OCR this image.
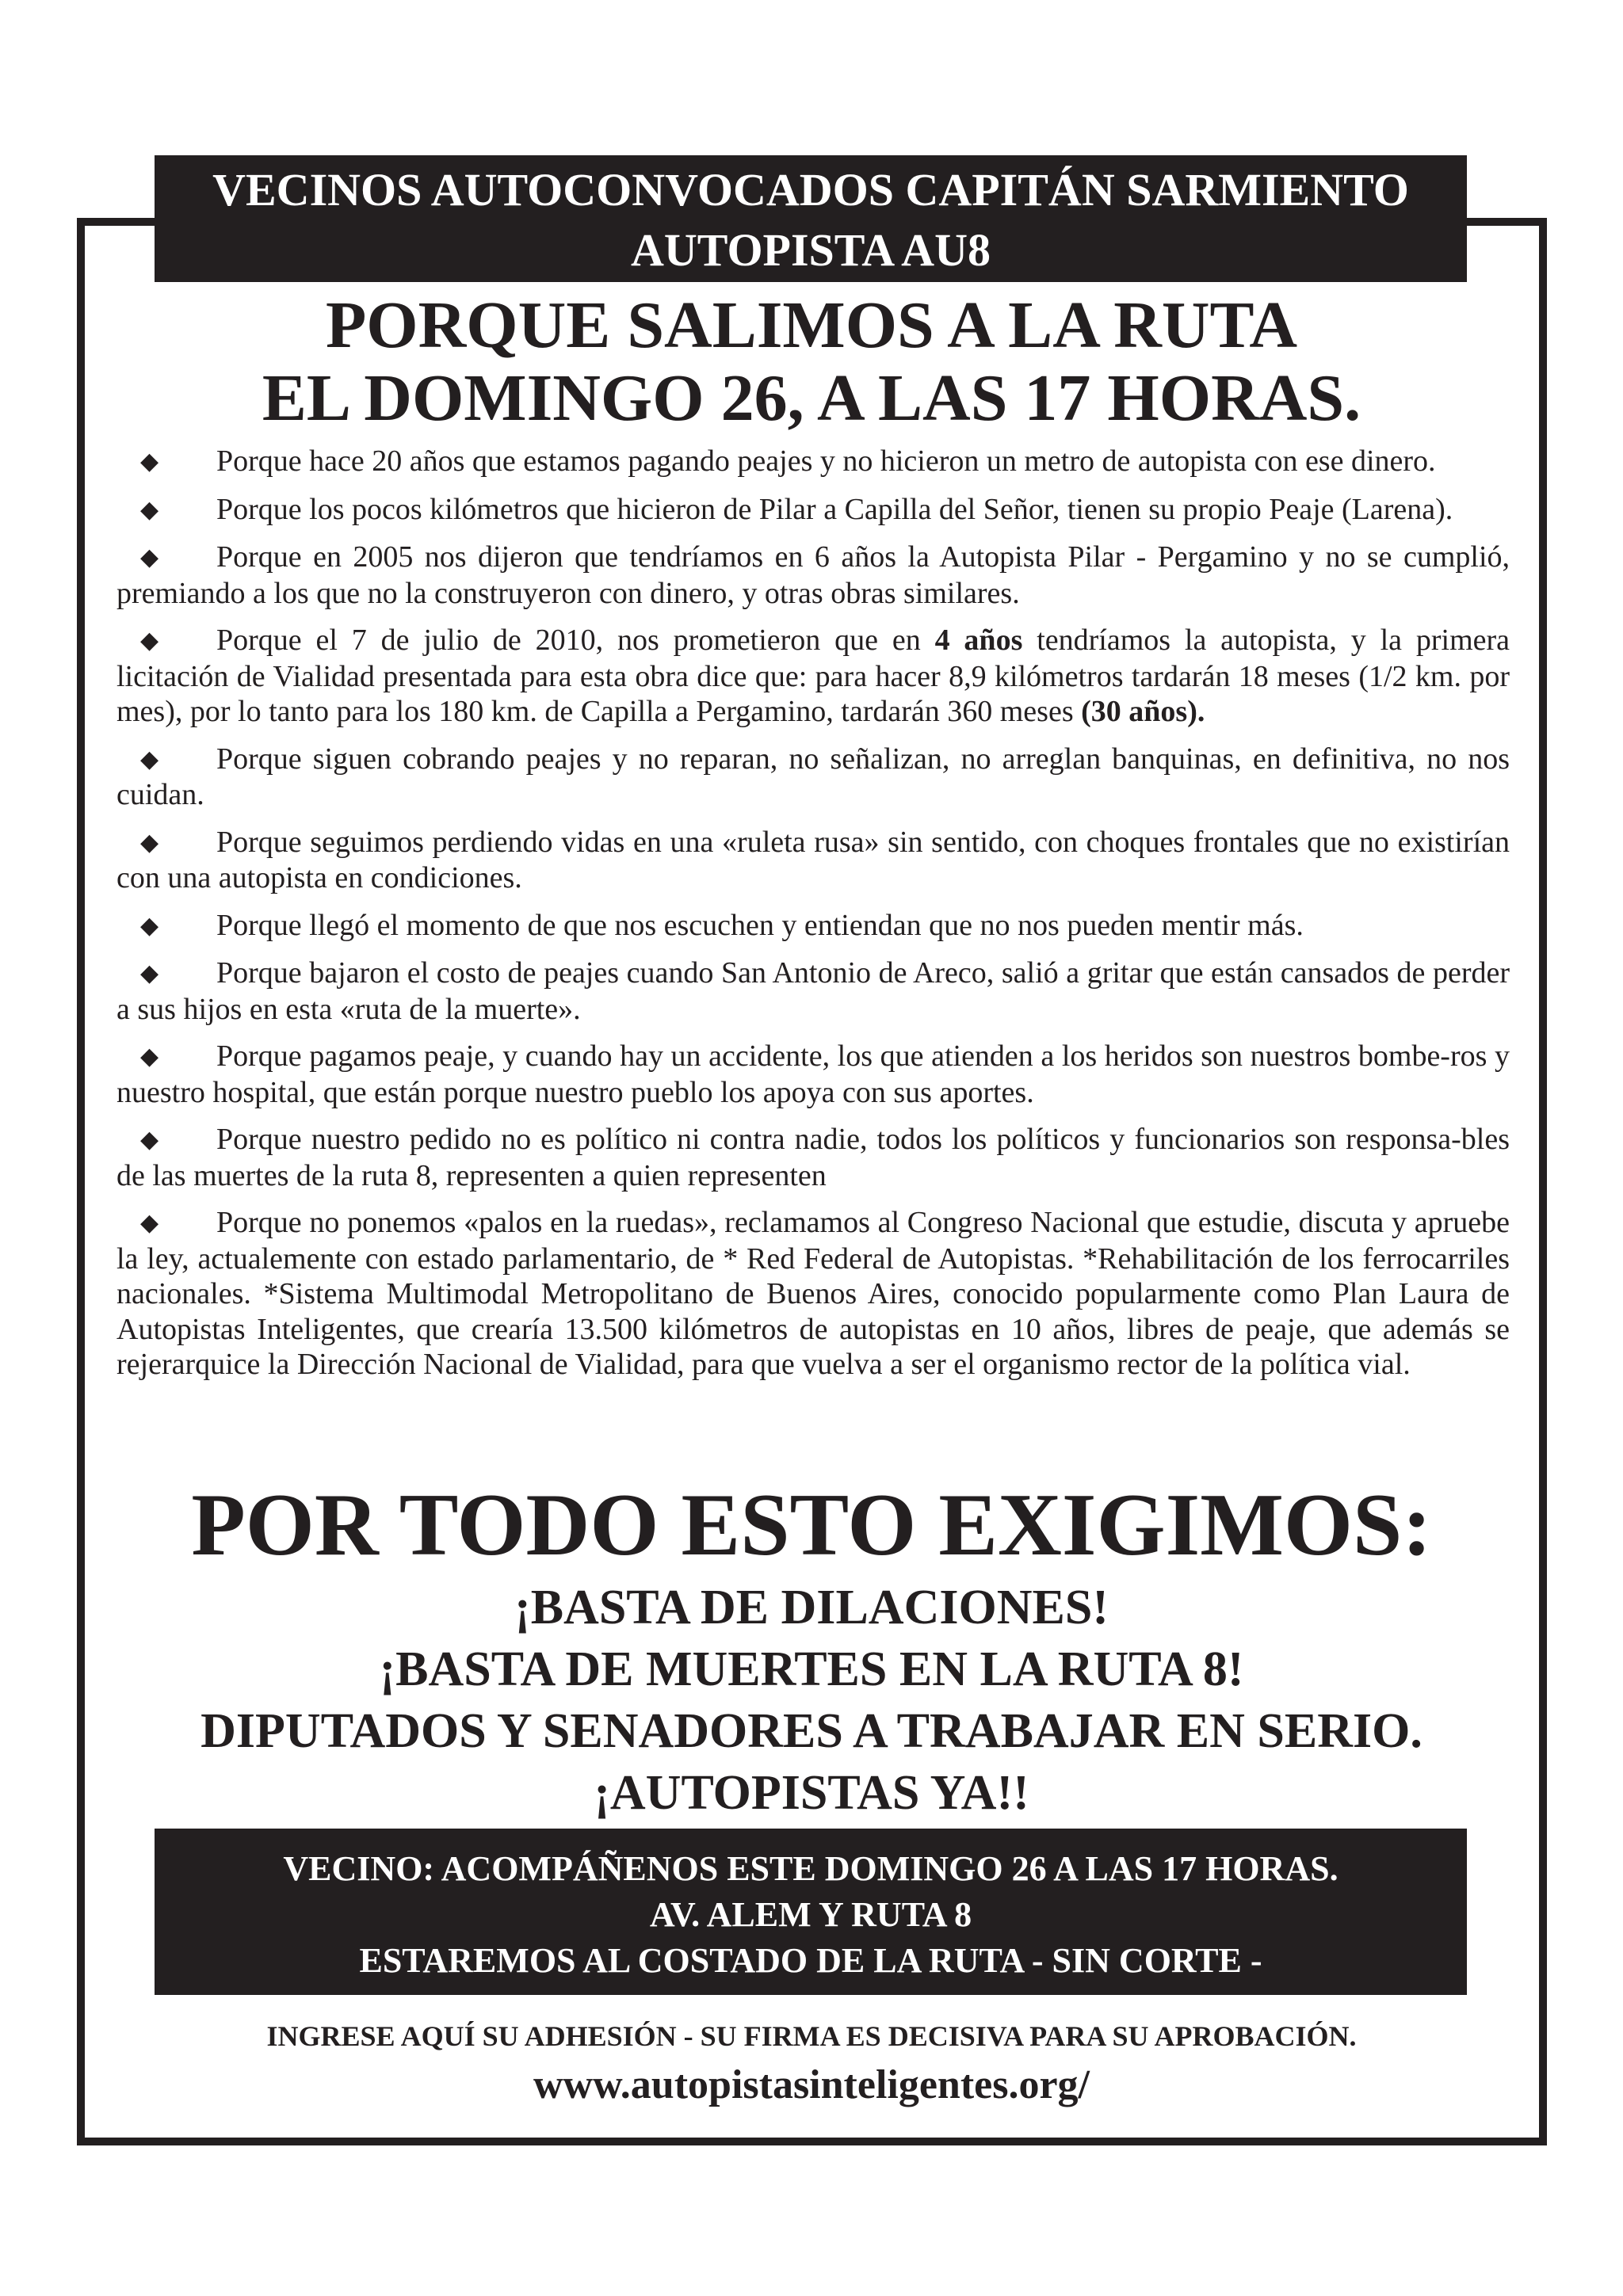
VECINOS AUTOCONVOCADOS CAPITÁN SARMIENTO
AUTOPISTA AU8
PORQUE SALIMOS A LA RUTA
EL DOMINGO 26, A LAS 17 HORAS.

◆ Porque hace 20 años que estamos pagando peajes y no hicieron un metro de autopista con ese dinero.

◆ Porque los pocos kilómetros que hicieron de Pilar a Capilla del Señor, tienen su propio Peaje (Larena).

◆ Porque en 2005 nos dijeron que tendríamos en 6 años la Autopista Pilar - Pergamino y no se cumplió, premiando a los que no la construyeron con dinero, y otras obras similares.

◆ Porque el 7 de julio de 2010, nos prometieron que en 4 años tendríamos la autopista, y la primera licitación de Vialidad presentada para esta obra dice que: para hacer 8,9 kilómetros tardarán 18 meses (1/2 km. por mes), por lo tanto para los 180 km. de Capilla a Pergamino, tardarán 360 meses (30 años).

◆ Porque siguen cobrando peajes y no reparan, no señalizan, no arreglan banquinas, en definitiva, no nos cuidan.

◆ Porque seguimos perdiendo vidas en una «ruleta rusa» sin sentido, con choques frontales que no existirían con una autopista en condiciones.

◆ Porque llegó el momento de que nos escuchen y entiendan que no nos pueden mentir más.

◆ Porque bajaron el costo de peajes cuando San Antonio de Areco, salió a gritar que están cansados de perder a sus hijos en esta «ruta de la muerte».

◆ Porque pagamos peaje, y cuando hay un accidente, los que atienden a los heridos son nuestros bombe-ros y nuestro hospital, que están porque nuestro pueblo los apoya con sus aportes.

◆ Porque nuestro pedido no es político ni contra nadie, todos los políticos y funcionarios son responsa-bles de las muertes de la ruta 8, representen a quien representen

◆ Porque no ponemos «palos en la ruedas», reclamamos al Congreso Nacional que estudie, discuta y apruebe la ley, actualemente con estado parlamentario, de * Red Federal de Autopistas. *Rehabilitación de los ferrocarriles nacionales. *Sistema Multimodal Metropolitano de Buenos Aires, conocido popularmente como Plan Laura de Autopistas Inteligentes, que crearía 13.500 kilómetros de autopistas en 10 años, libres de peaje, que además se rejerarquice la Dirección Nacional de Vialidad, para que vuelva a ser el organismo rector de la política vial.

POR TODO ESTO EXIGIMOS:
¡BASTA DE DILACIONES!
¡BASTA DE MUERTES EN LA RUTA 8!
DIPUTADOS Y SENADORES A TRABAJAR EN SERIO.
¡AUTOPISTAS YA!!
VECINO: ACOMPÁÑENOS ESTE DOMINGO 26 A LAS 17 HORAS.
AV. ALEM Y RUTA 8
ESTAREMOS AL COSTADO DE LA RUTA - SIN CORTE -
INGRESE AQUÍ SU ADHESIÓN - SU FIRMA ES DECISIVA PARA SU APROBACIÓN.
www.autopistasinteligentes.org/
